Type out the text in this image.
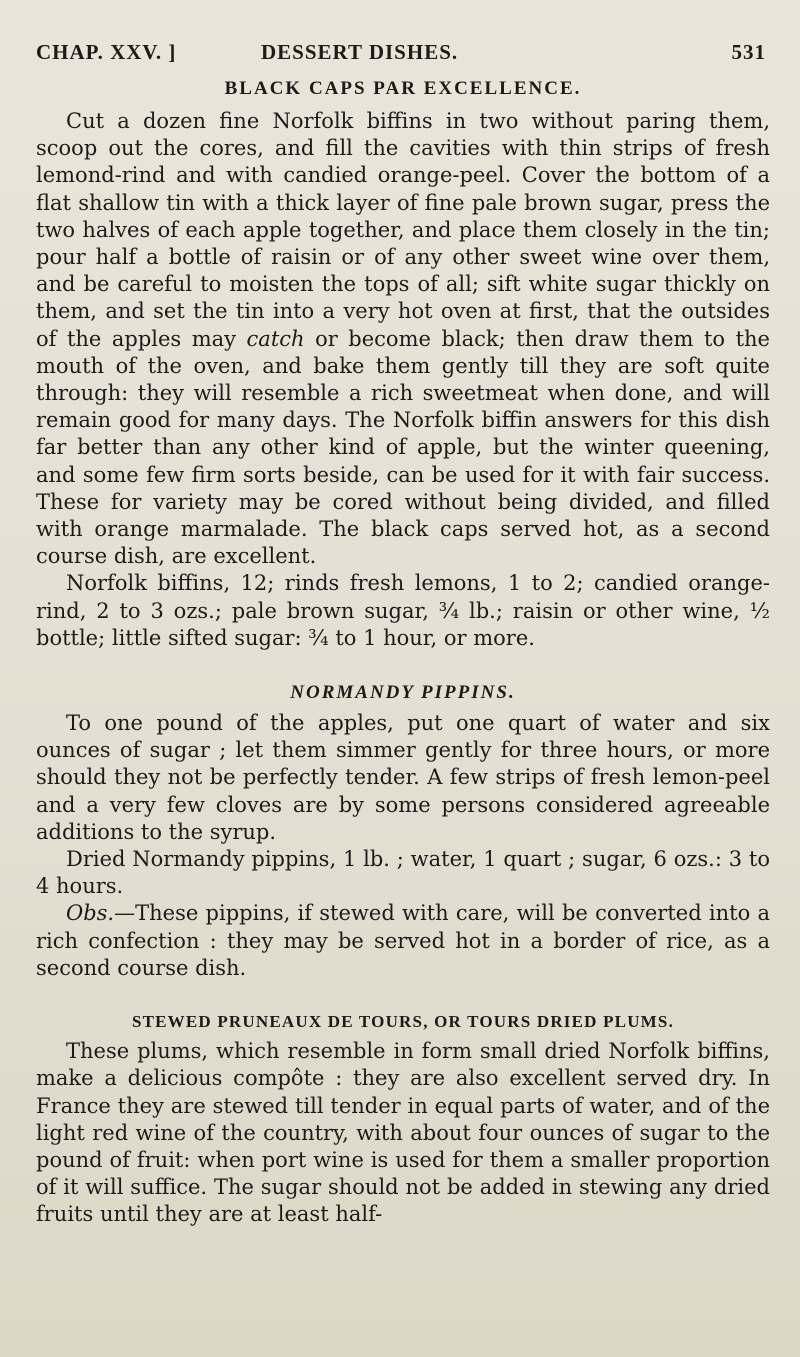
CHAP. XXV. ]	DESSERT DISHES.	531
BLACK CAPS PAR EXCELLENCE.

Cut a dozen fine Norfolk biffins in two without paring them, scoop out the cores, and fill the cavities with thin strips of fresh lemond-rind and with candied orange-peel. Cover the bottom of a flat shallow tin with a thick layer of fine pale brown sugar, press the two halves of each apple together, and place them closely in the tin; pour half a bottle of raisin or of any other sweet wine over them, and be careful to moisten the tops of all; sift white sugar thickly on them, and set the tin into a very hot oven at first, that the outsides of the apples may catch or become black; then draw them to the mouth of the oven, and bake them gently till they are soft quite through: they will resemble a rich sweetmeat when done, and will remain good for many days. The Norfolk biffin answers for this dish far better than any other kind of apple, but the winter queening, and some few firm sorts beside, can be used for it with fair success. These for variety may be cored without being divided, and filled with orange marmalade. The black caps served hot, as a second course dish, are excellent.

Norfolk biffins, 12; rinds fresh lemons, 1 to 2; candied orange-rind, 2 to 3 ozs.; pale brown sugar, ¾ lb.; raisin or other wine, ½ bottle; little sifted sugar: ¾ to 1 hour, or more.

NORMANDY PIPPINS.

To one pound of the apples, put one quart of water and six ounces of sugar ; let them simmer gently for three hours, or more should they not be perfectly tender. A few strips of fresh lemon-peel and a very few cloves are by some persons considered agreeable additions to the syrup.

Dried Normandy pippins, 1 lb. ; water, 1 quart ; sugar, 6 ozs.: 3 to 4 hours.

Obs.—These pippins, if stewed with care, will be converted into a rich confection : they may be served hot in a border of rice, as a second course dish.

STEWED PRUNEAUX DE TOURS, OR TOURS DRIED PLUMS.

These plums, which resemble in form small dried Norfolk biffins, make a delicious compôte : they are also excellent served dry. In France they are stewed till tender in equal parts of water, and of the light red wine of the country, with about four ounces of sugar to the pound of fruit: when port wine is used for them a smaller proportion of it will suffice. The sugar should not be added in stewing any dried fruits until they are at least half-
